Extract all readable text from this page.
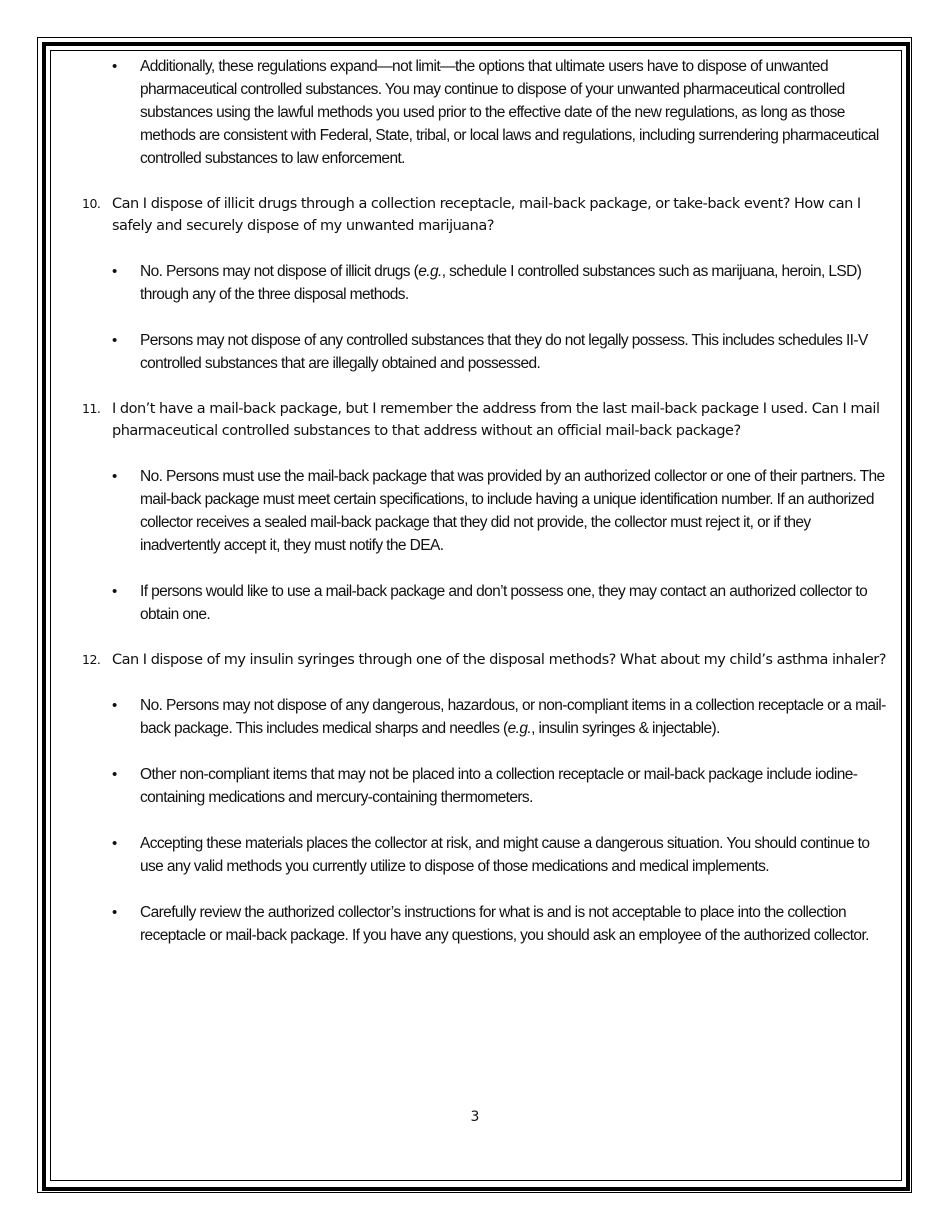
• Additionally, these regulations expand—not limit—the options that ultimate users have to dispose of unwanted pharmaceutical controlled substances. You may continue to dispose of your unwanted pharmaceutical controlled substances using the lawful methods you used prior to the effective date of the new regulations, as long as those methods are consistent with Federal, State, tribal, or local laws and regulations, including surrendering pharmaceutical controlled substances to law enforcement.
10. Can I dispose of illicit drugs through a collection receptacle, mail-back package, or take-back event? How can I safely and securely dispose of my unwanted marijuana?
• No. Persons may not dispose of illicit drugs (e.g., schedule I controlled substances such as marijuana, heroin, LSD) through any of the three disposal methods.
• Persons may not dispose of any controlled substances that they do not legally possess. This includes schedules II-V controlled substances that are illegally obtained and possessed.
11. I don’t have a mail-back package, but I remember the address from the last mail-back package I used. Can I mail pharmaceutical controlled substances to that address without an official mail-back package?
• No. Persons must use the mail-back package that was provided by an authorized collector or one of their partners. The mail-back package must meet certain specifications, to include having a unique identification number. If an authorized collector receives a sealed mail-back package that they did not provide, the collector must reject it, or if they inadvertently accept it, they must notify the DEA.
• If persons would like to use a mail-back package and don’t possess one, they may contact an authorized collector to obtain one.
12. Can I dispose of my insulin syringes through one of the disposal methods? What about my child’s asthma inhaler?
• No. Persons may not dispose of any dangerous, hazardous, or non-compliant items in a collection receptacle or a mail-back package. This includes medical sharps and needles (e.g., insulin syringes & injectable).
• Other non-compliant items that may not be placed into a collection receptacle or mail-back package include iodine-containing medications and mercury-containing thermometers.
• Accepting these materials places the collector at risk, and might cause a dangerous situation. You should continue to use any valid methods you currently utilize to dispose of those medications and medical implements.
• Carefully review the authorized collector’s instructions for what is and is not acceptable to place into the collection receptacle or mail-back package. If you have any questions, you should ask an employee of the authorized collector.
3
